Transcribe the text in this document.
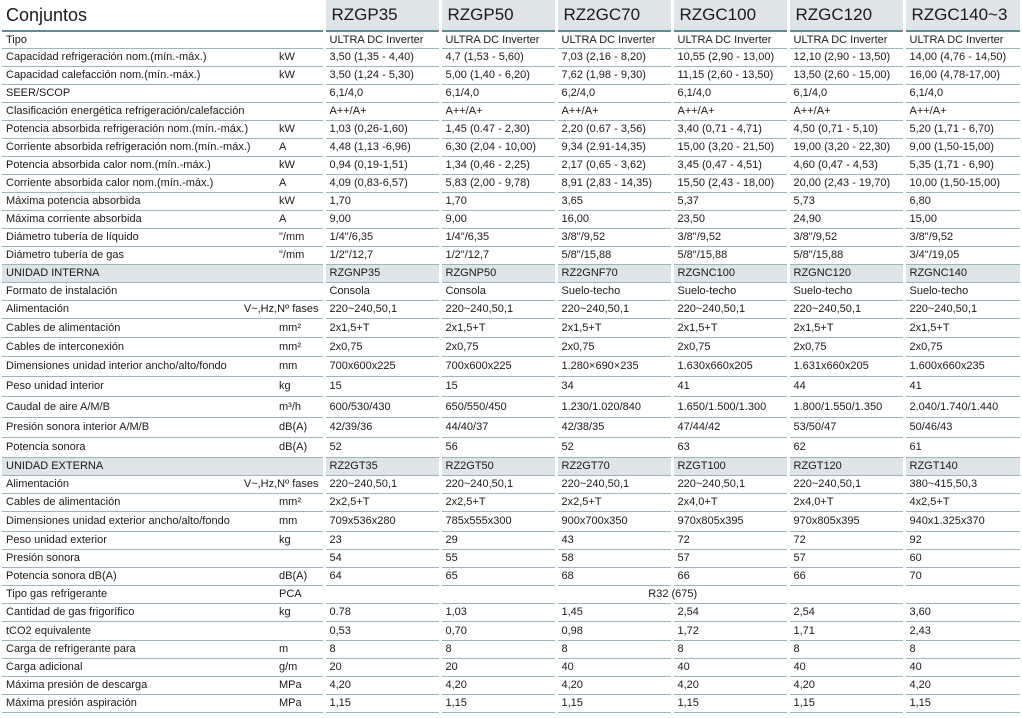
Conjuntos		RZGP35	RZGP50	RZ2GC70	RZGC100	RZGC120	RZGC140~3
Tipo		ULTRA DC Inverter	ULTRA DC Inverter	ULTRA DC Inverter	ULTRA DC Inverter	ULTRA DC Inverter	ULTRA DC Inverter
Capacidad refrigeración nom.(mín.-máx.)	kW	3,50 (1,35 - 4,40)	4,7 (1,53 - 5,60)	7,03 (2,16 - 8,20)	10,55 (2,90 - 13,00)	12,10 (2,90 - 13,50)	14,00 (4,76 - 14,50)
Capacidad calefacción nom.(mín.-máx.)	kW	3,50 (1,24 - 5,30)	5,00 (1,40 - 6,20)	7,62 (1,98 - 9,30)	11,15 (2,60 - 13,50)	13,50 (2,60 - 15,00)	16,00 (4,78-17,00)
SEER/SCOP		6,1/4,0	6,1/4,0	6,2/4,0	6,1/4,0	6,1/4,0	6,1/4,0
Clasificación energética refrigeración/calefacción		A++/A+	A++/A+	A++/A+	A++/A+	A++/A+	A++/A+
Potencia absorbida refrigeración nom.(mín.-máx.)	kW	1,03 (0,26-1,60)	1,45 (0.47 - 2,30)	2,20 (0.67 - 3,56)	3,40 (0,71 - 4,71)	4,50 (0,71 - 5,10)	5,20 (1,71 - 6,70)
Corriente absorbida refrigeración nom.(mín.-máx.)	A	4,48 (1,13 -6,96)	6,30 (2,04 - 10,00)	9,34 (2.91-14,35)	15,00 (3,20 - 21,50)	19,00 (3,20 - 22,30)	9,00 (1,50-15,00)
Potencia absorbida calor nom.(mín.-máx.)	kW	0,94 (0,19-1,51)	1,34 (0,46 - 2,25)	2,17 (0,65 - 3,62)	3,45 (0,47 - 4,51)	4,60 (0,47 - 4,53)	5,35 (1,71 - 6,90)
Corriente absorbida calor nom.(mín.-máx.)	A	4,09 (0,83-6,57)	5,83 (2,00 - 9,78)	8,91 (2,83 - 14,35)	15,50 (2,43 - 18,00)	20,00 (2,43 - 19,70)	10,00 (1,50-15,00)
Máxima potencia absorbida	kW	1,70	1,70	3,65	5,37	5,73	6,80
Máxima corriente absorbida	A	9,00	9,00	16,00	23,50	24,90	15,00
Diámetro tubería de líquido	"/mm	1/4"/6,35	1/4"/6,35	3/8"/9,52	3/8"/9,52	3/8"/9,52	3/8"/9,52
Diámetro tubería de gas	"/mm	1/2"/12,7	1/2"/12,7	5/8"/15,88	5/8"/15,88	5/8"/15,88	3/4"/19,05
UNIDAD INTERNA		RZGNP35	RZGNP50	RZ2GNF70	RZGNC100	RZGNC120	RZGNC140
Formato de instalación		Consola	Consola	Suelo-techo	Suelo-techo	Suelo-techo	Suelo-techo

Alimentación V~,Hz,Nº fases		220~240,50,1	220~240,50,1	220~240,50,1	220~240,50,1	220~240,50,1	220~240,50,1
Cables de alimentación	mm²	2x1,5+T	2x1,5+T	2x1,5+T	2x1,5+T	2x1,5+T	2x1,5+T
Cables de interconexión	mm²	2x0,75	2x0,75	2x0,75	2x0,75	2x0,75	2x0,75
Dimensiones unidad interior ancho/alto/fondo	mm	700x600x225	700x600x225	1.280×690×235	1.630x660x205	1.631x660x205	1.600x660x235
Peso unidad interior	kg	15	15	34	41	44	41
Caudal de aire A/M/B	m³/h	600/530/430	650/550/450	1.230/1.020/840	1.650/1.500/1.300	1.800/1.550/1.350	2.040/1.740/1.440
Presión sonora interior A/M/B	dB(A)	42/39/36	44/40/37	42/38/35	47/44/42	53/50/47	50/46/43
Potencia sonora	dB(A)	52	56	52	63	62	61
UNIDAD EXTERNA		RZ2GT35	RZ2GT50	RZ2GT70	RZGT100	RZGT120	RZGT140

Alimentación V~,Hz,Nº fases		220~240,50,1	220~240,50,1	220~240,50,1	220~240,50,1	220~240,50,1	380~415,50,3
Cables de alimentación	mm²	2x2,5+T	2x2,5+T	2x2,5+T	2x4,0+T	2x4,0+T	4x2,5+T
Dimensiones unidad exterior ancho/alto/fondo	mm	709x536x280	785x555x300	900x700x350	970x805x395	970x805x395	940x1.325x370
Peso unidad exterior	kg	23	29	43	72	72	92
Presión sonora		54	55	58	57	57	60
Potencia sonora dB(A)	dB(A)	64	65	68	66	66	70
Tipo gas refrigerante	PCA	R32 (675)					
Cantidad de gas frigorífico	kg	0.78	1,03	1,45	2,54	2,54	3,60
tCO2 equivalente		0,53	0,70	0,98	1,72	1,71	2,43
Carga de refrigerante para	m	8	8	8	8	8	8
Carga adicional	g/m	20	20	40	40	40	40
Máxima presión de descarga	MPa	4,20	4,20	4,20	4,20	4,20	4,20
Máxima presión aspiración	MPa	1,15	1,15	1,15	1,15	1,15	1,15
